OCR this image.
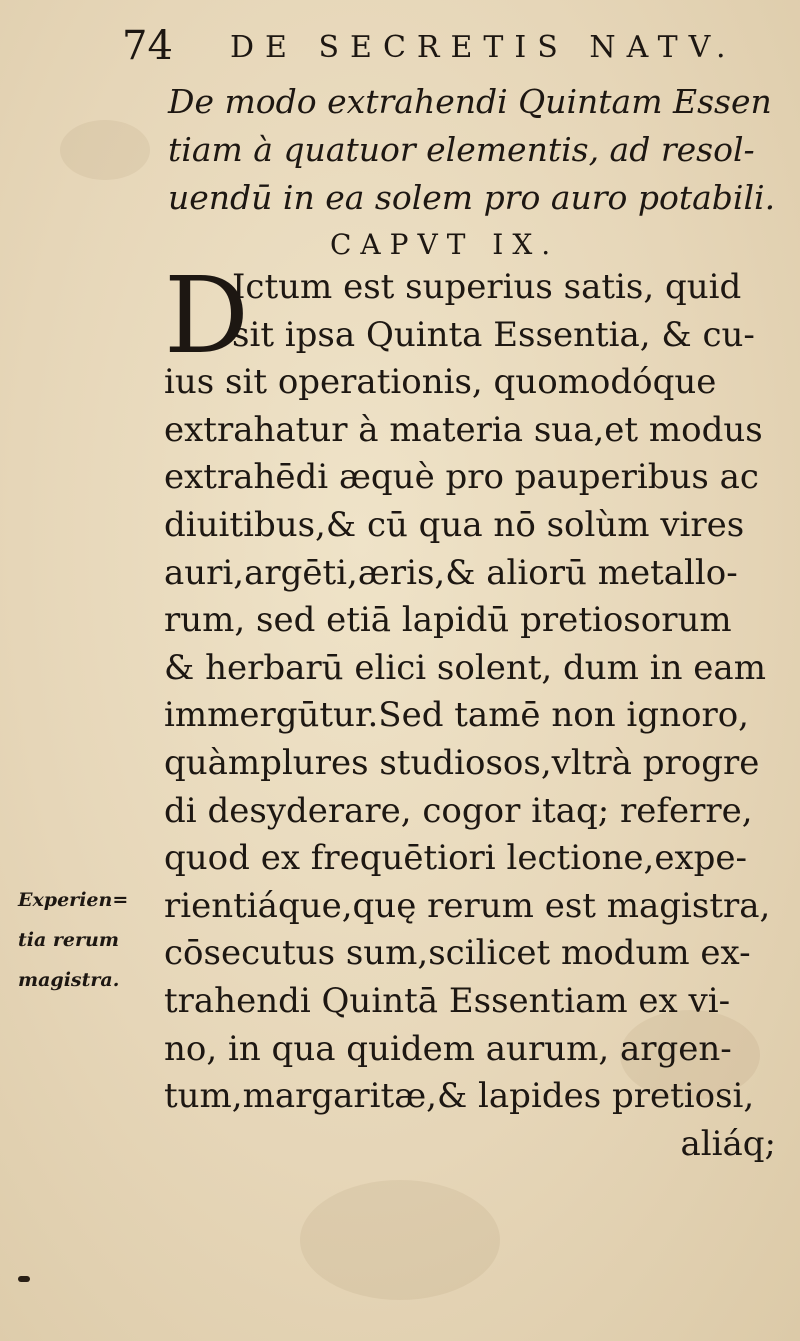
74 DE SECRETIS NATV.
De modo extrahendi Quintam Essen
tiam à quatuor elementis, ad resol-
uendū in ea solem pro auro potabili.
CAPVT IX.
D
Ictum est superius satis, quid
sit ipsa Quinta Essentia, & cu-
ius sit operationis, quomodóque
extrahatur à materia sua,et modus
extrahēdi æquè pro pauperibus ac
diuitibus,& cū qua nō solùm vires
auri,argēti,æris,& aliorū metallo-
rum, sed etiā lapidū pretiosorum
& herbarū elici solent, dum in eam
immergūtur.Sed tamē non ignoro,
quàmplures studiosos,vltrà progre
di desyderare, cogor itaq; referre,
quod ex frequētiori lectione,expe-
rientiáque,quę rerum est magistra,
cōsecutus sum,scilicet modum ex-
trahendi Quintā Essentiam ex vi-
no, in qua quidem aurum, argen-
tum,margaritæ,& lapides pretiosi,
aliáq;
Experien=
tia rerum
magistra.
